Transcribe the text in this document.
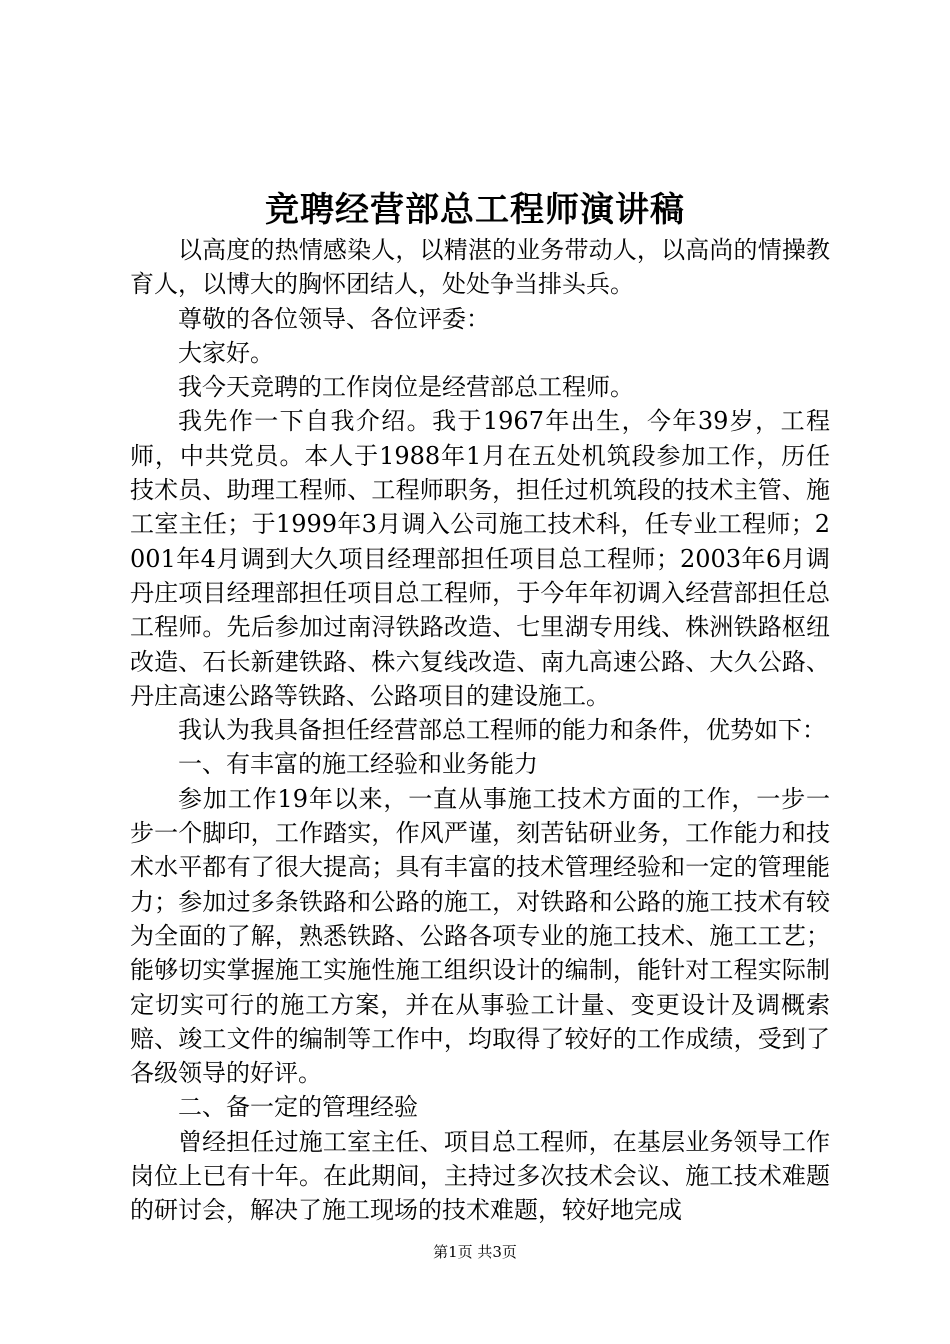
竞聘经营部总工程师演讲稿

以高度的热情感染人，以精湛的业务带动人，以高尚的情操教育人，以博大的胸怀团结人，处处争当排头兵。

尊敬的各位领导、各位评委：

大家好。

我今天竞聘的工作岗位是经营部总工程师。

我先作一下自我介绍。我于1967年出生，今年39岁，工程师，中共党员。本人于1988年1月在五处机筑段参加工作，历任技术员、助理工程师、工程师职务，担任过机筑段的技术主管、施工室主任；于1999年3月调入公司施工技术科，任专业工程师；2001年4月调到大久项目经理部担任项目总工程师；2003年6月调丹庄项目经理部担任项目总工程师，于今年年初调入经营部担任总工程师。先后参加过南浔铁路改造、七里湖专用线、株洲铁路枢纽改造、石长新建铁路、株六复线改造、南九高速公路、大久公路、丹庄高速公路等铁路、公路项目的建设施工。

我认为我具备担任经营部总工程师的能力和条件，优势如下：

一、有丰富的施工经验和业务能力

参加工作19年以来，一直从事施工技术方面的工作，一步一步一个脚印，工作踏实，作风严谨，刻苦钻研业务，工作能力和技术水平都有了很大提高；具有丰富的技术管理经验和一定的管理能力；参加过多条铁路和公路的施工，对铁路和公路的施工技术有较为全面的了解，熟悉铁路、公路各项专业的施工技术、施工工艺；能够切实掌握施工实施性施工组织设计的编制，能针对工程实际制定切实可行的施工方案，并在从事验工计量、变更设计及调概索赔、竣工文件的编制等工作中，均取得了较好的工作成绩，受到了各级领导的好评。

二、备一定的管理经验

曾经担任过施工室主任、项目总工程师，在基层业务领导工作岗位上已有十年。在此期间，主持过多次技术会议、施工技术难题的研讨会，解决了施工现场的技术难题，较好地完成

第1页 共3页
